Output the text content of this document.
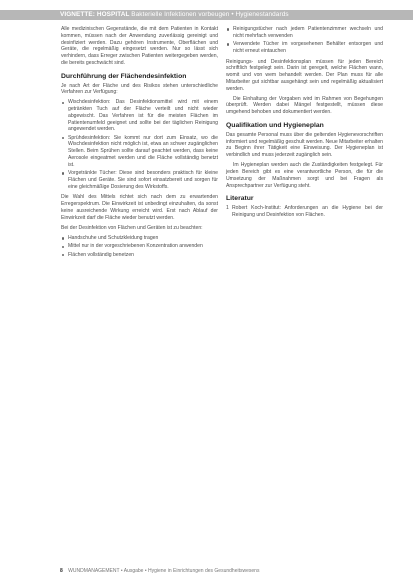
VIGNETTE: HOSPITAL Bakterielle Infektionen vorbeugen • Hygienestandards

Alle medizinischen Gegenstände, die mit dem Patienten in Kontakt kommen, müssen nach der Anwendung zuverlässig gereinigt und desinfiziert werden. Dazu gehören Instrumente, Oberflächen und Geräte, die regelmäßig eingesetzt werden. Nur so lässt sich verhindern, dass Erreger zwischen Patienten weitergegeben werden, die bereits geschwächt sind.

Durchführung der Flächendesinfektion

Je nach Art der Fläche und des Risikos stehen unterschiedliche Verfahren zur Verfügung:

Wischdesinfektion: Das Desinfektionsmittel wird mit einem getränkten Tuch auf der Fläche verteilt und nicht wieder abgewischt. Das Verfahren ist für die meisten Flächen im Patientenumfeld geeignet und sollte bei der täglichen Reinigung angewendet werden.
Sprühdesinfektion: Sie kommt nur dort zum Einsatz, wo die Wischdesinfektion nicht möglich ist, etwa an schwer zugänglichen Stellen. Beim Sprühen sollte darauf geachtet werden, dass keine Aerosole eingeatmet werden und die Fläche vollständig benetzt ist.
Vorgetränkte Tücher: Diese sind besonders praktisch für kleine Flächen und Geräte. Sie sind sofort einsatzbereit und sorgen für eine gleichmäßige Dosierung des Wirkstoffs.

Die Wahl des Mittels richtet sich nach dem zu erwartenden Erregerspektrum. Die Einwirkzeit ist unbedingt einzuhalten, da sonst keine ausreichende Wirkung erreicht wird. Erst nach Ablauf der Einwirkzeit darf die Fläche wieder benutzt werden.

Bei der Desinfektion von Flächen und Geräten ist zu beachten:

Handschuhe und Schutzkleidung tragen
Mittel nur in der vorgeschriebenen Konzentration anwenden
Flächen vollständig benetzen
Reinigungstücher nach jedem Patientenzimmer wechseln und nicht mehrfach verwenden
Verwendete Tücher im vorgesehenen Behälter entsorgen und nicht erneut eintauchen

Reinigungs- und Desinfektionsplan müssen für jeden Bereich schriftlich festgelegt sein. Darin ist geregelt, welche Flächen wann, womit und von wem behandelt werden. Der Plan muss für alle Mitarbeiter gut sichtbar ausgehängt sein und regelmäßig aktualisiert werden.

Die Einhaltung der Vorgaben wird im Rahmen von Begehungen überprüft. Werden dabei Mängel festgestellt, müssen diese umgehend behoben und dokumentiert werden.

Qualifikation und Hygieneplan

Das gesamte Personal muss über die geltenden Hygienevorschriften informiert und regelmäßig geschult werden. Neue Mitarbeiter erhalten zu Beginn ihrer Tätigkeit eine Einweisung. Der Hygieneplan ist verbindlich und muss jederzeit zugänglich sein.

Im Hygieneplan werden auch die Zuständigkeiten festgelegt. Für jeden Bereich gibt es eine verantwortliche Person, die für die Umsetzung der Maßnahmen sorgt und bei Fragen als Ansprechpartner zur Verfügung steht.

Literatur
1 Robert Koch-Institut: Anforderungen an die Hygiene bei der Reinigung und Desinfektion von Flächen.
8 WUNDMANAGEMENT • Ausgabe • Hygiene in Einrichtungen des Gesundheitswesens
